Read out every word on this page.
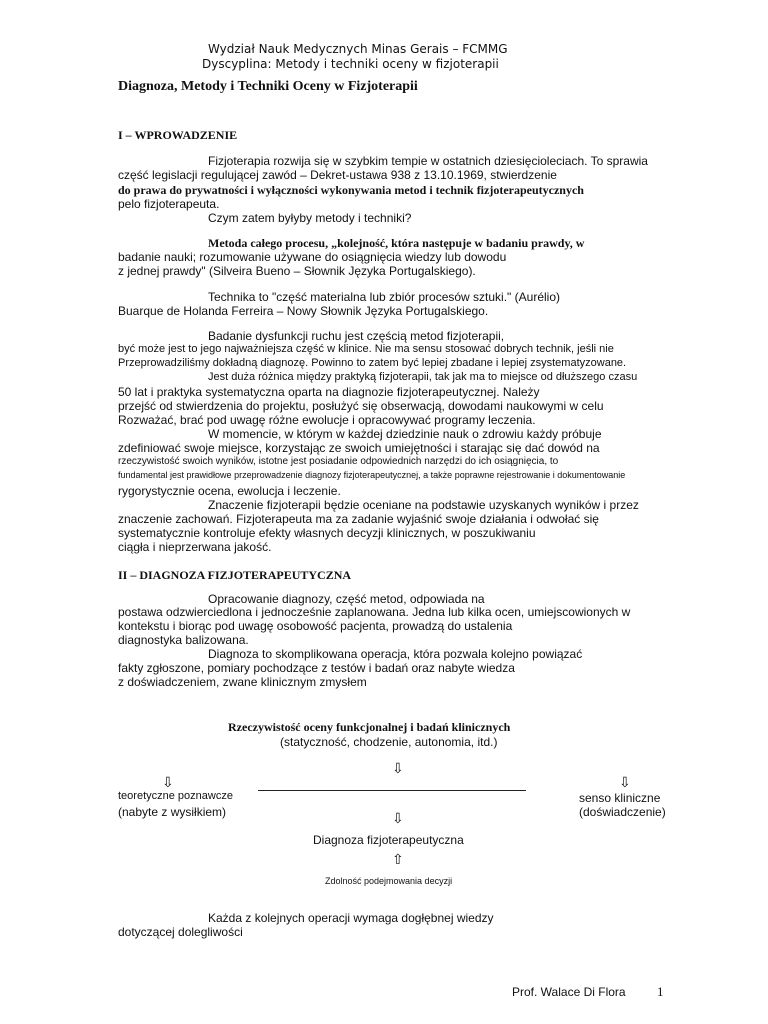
Wydział Nauk Medycznych Minas Gerais – FCMMG
Dyscyplina: Metody i techniki oceny w fizjoterapii
Diagnoza, Metody i Techniki Oceny w Fizjoterapii
I – WPROWADZENIE
Fizjoterapia rozwija się w szybkim tempie w ostatnich dziesięcioleciach. To sprawia
część legislacji regulującej zawód – Dekret-ustawa 938 z 13.10.1969, stwierdzenie
do prawa do prywatności i wyłączności wykonywania metod i technik fizjoterapeutycznych
pelo fizjoterapeuta.
Czym zatem byłyby metody i techniki?
Metoda całego procesu, „kolejność, która następuje w badaniu prawdy, w
badanie nauki; rozumowanie używane do osiągnięcia wiedzy lub dowodu
z jednej prawdy" (Silveira Bueno – Słownik Języka Portugalskiego).
Technika to "część materialna lub zbiór procesów sztuki." (Aurélio)
Buarque de Holanda Ferreira – Nowy Słownik Języka Portugalskiego.
Badanie dysfunkcji ruchu jest częścią metod fizjoterapii,
być może jest to jego najważniejsza część w klinice. Nie ma sensu stosować dobrych technik, jeśli nie
Przeprowadziliśmy dokładną diagnozę. Powinno to zatem być lepiej zbadane i lepiej zsystematyzowane.
Jest duża różnica między praktyką fizjoterapii, tak jak ma to miejsce od dłuższego czasu
50 lat i praktyka systematyczna oparta na diagnozie fizjoterapeutycznej. Należy
przejść od stwierdzenia do projektu, posłużyć się obserwacją, dowodami naukowymi w celu
Rozważać, brać pod uwagę różne ewolucje i opracowywać programy leczenia.
W momencie, w którym w każdej dziedzinie nauk o zdrowiu każdy próbuje
zdefiniować swoje miejsce, korzystając ze swoich umiejętności i starając się dać dowód na
rzeczywistość swoich wyników, istotne jest posiadanie odpowiednich narzędzi do ich osiągnięcia, to
fundamental jest prawidłowe przeprowadzenie diagnozy fizjoterapeutycznej, a także poprawne rejestrowanie i dokumentowanie
rygorystycznie ocena, ewolucja i leczenie.
Znaczenie fizjoterapii będzie oceniane na podstawie uzyskanych wyników i przez
znaczenie zachowań. Fizjoterapeuta ma za zadanie wyjaśnić swoje działania i odwołać się
systematycznie kontroluje efekty własnych decyzji klinicznych, w poszukiwaniu
ciągła i nieprzerwana jakość.
II – DIAGNOZA FIZJOTERAPEUTYCZNA
Opracowanie diagnozy, część metod, odpowiada na
postawa odzwierciedlona i jednocześnie zaplanowana. Jedna lub kilka ocen, umiejscowionych w
kontekstu i biorąc pod uwagę osobowość pacjenta, prowadzą do ustalenia
diagnostyka balizowana.
Diagnoza to skomplikowana operacja, która pozwala kolejno powiązać
fakty zgłoszone, pomiary pochodzące z testów i badań oraz nabyte wiedza
z doświadczeniem, zwane klinicznym zmysłem
Rzeczywistość oceny funkcjonalnej i badań klinicznych
(statyczność, chodzenie, autonomia, itd.)
⇩
⇩	⇩
teoretyczne poznawcze
(nabyte z wysiłkiem)
senso kliniczne
(doświadczenie)
⇩
Diagnoza fizjoterapeutyczna
⇧
Zdolność podejmowania decyzji
Każda z kolejnych operacji wymaga dogłębnej wiedzy
dotyczącej dolegliwości
Prof. Walace Di Flora 1
